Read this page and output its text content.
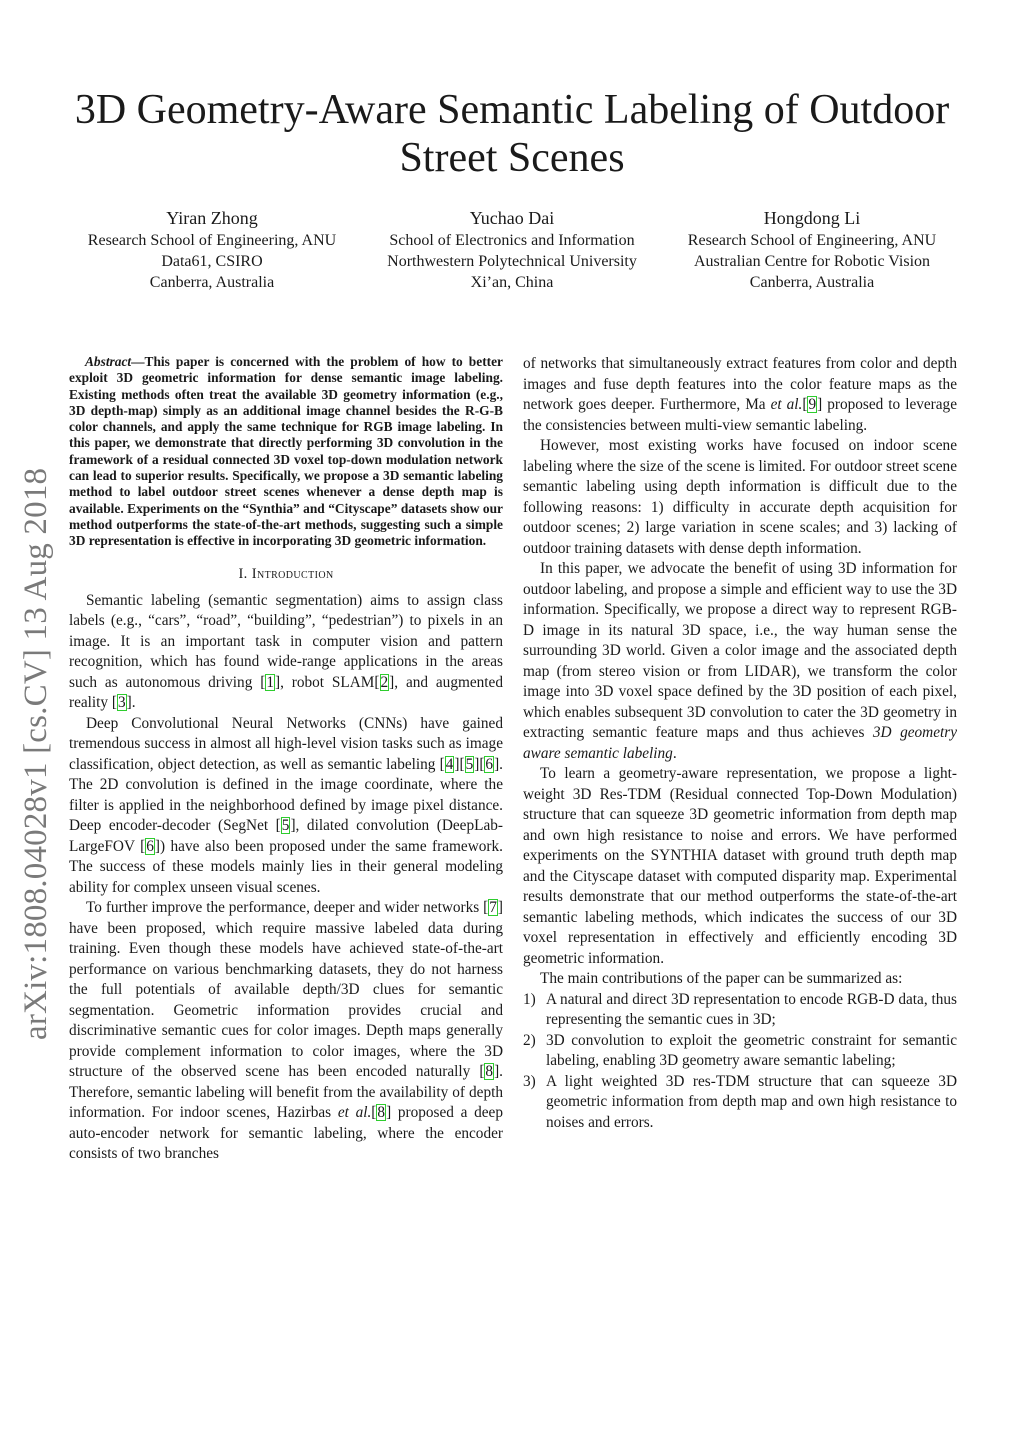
3D Geometry-Aware Semantic Labeling of Outdoor Street Scenes
Yiran Zhong
Research School of Engineering, ANU
Data61, CSIRO
Canberra, Australia
Yuchao Dai
School of Electronics and Information
Northwestern Polytechnical University
Xi’an, China
Hongdong Li
Research School of Engineering, ANU
Australian Centre for Robotic Vision
Canberra, Australia
arXiv:1808.04028v1 [cs.CV] 13 Aug 2018

Abstract—This paper is concerned with the problem of how to better exploit 3D geometric information for dense semantic image labeling. Existing methods often treat the available 3D geometry information (e.g., 3D depth-map) simply as an additional image channel besides the R-G-B color channels, and apply the same technique for RGB image labeling. In this paper, we demonstrate that directly performing 3D convolution in the framework of a residual connected 3D voxel top-down modulation network can lead to superior results. Specifically, we propose a 3D semantic labeling method to label outdoor street scenes whenever a dense depth map is available. Experiments on the “Synthia” and “Cityscape” datasets show our method outperforms the state-of-the-art methods, suggesting such a simple 3D representation is effective in incorporating 3D geometric information.

I. Introduction

Semantic labeling (semantic segmentation) aims to assign class labels (e.g., “cars”, “road”, “building”, “pedestrian”) to pixels in an image. It is an important task in computer vision and pattern recognition, which has found wide-range applications in the areas such as autonomous driving [1], robot SLAM[2], and augmented reality [3].

Deep Convolutional Neural Networks (CNNs) have gained tremendous success in almost all high-level vision tasks such as image classification, object detection, as well as semantic labeling [4][5][6]. The 2D convolution is defined in the image coordinate, where the filter is applied in the neighborhood defined by image pixel distance. Deep encoder-decoder (SegNet [5], dilated convolution (DeepLab-LargeFOV [6]) have also been proposed under the same framework. The success of these models mainly lies in their general modeling ability for complex unseen visual scenes.

To further improve the performance, deeper and wider networks [7] have been proposed, which require massive labeled data during training. Even though these models have achieved state-of-the-art performance on various benchmarking datasets, they do not harness the full potentials of available depth/3D clues for semantic segmentation. Geometric information provides crucial and discriminative semantic cues for color images. Depth maps generally provide complement information to color images, where the 3D structure of the observed scene has been encoded naturally [8]. Therefore, semantic labeling will benefit from the availability of depth information. For indoor scenes, Hazirbas et al.[8] proposed a deep auto-encoder network for semantic labeling, where the encoder consists of two branches

of networks that simultaneously extract features from color and depth images and fuse depth features into the color feature maps as the network goes deeper. Furthermore, Ma et al.[9] proposed to leverage the consistencies between multi-view semantic labeling.

However, most existing works have focused on indoor scene labeling where the size of the scene is limited. For outdoor street scene semantic labeling using depth information is difficult due to the following reasons: 1) difficulty in accurate depth acquisition for outdoor scenes; 2) large variation in scene scales; and 3) lacking of outdoor training datasets with dense depth information.

In this paper, we advocate the benefit of using 3D information for outdoor labeling, and propose a simple and efficient way to use the 3D information. Specifically, we propose a direct way to represent RGB-D image in its natural 3D space, i.e., the way human sense the surrounding 3D world. Given a color image and the associated depth map (from stereo vision or from LIDAR), we transform the color image into 3D voxel space defined by the 3D position of each pixel, which enables subsequent 3D convolution to cater the 3D geometry in extracting semantic feature maps and thus achieves 3D geometry aware semantic labeling.

To learn a geometry-aware representation, we propose a light-weight 3D Res-TDM (Residual connected Top-Down Modulation) structure that can squeeze 3D geometric information from depth map and own high resistance to noise and errors. We have performed experiments on the SYNTHIA dataset with ground truth depth map and the Cityscape dataset with computed disparity map. Experimental results demonstrate that our method outperforms the state-of-the-art semantic labeling methods, which indicates the success of our 3D voxel representation in effectively and efficiently encoding 3D geometric information.

The main contributions of the paper can be summarized as:

1) A natural and direct 3D representation to encode RGB-D data, thus representing the semantic cues in 3D;
2) 3D convolution to exploit the geometric constraint for semantic labeling, enabling 3D geometry aware semantic labeling;
3) A light weighted 3D res-TDM structure that can squeeze 3D geometric information from depth map and own high resistance to noises and errors.
